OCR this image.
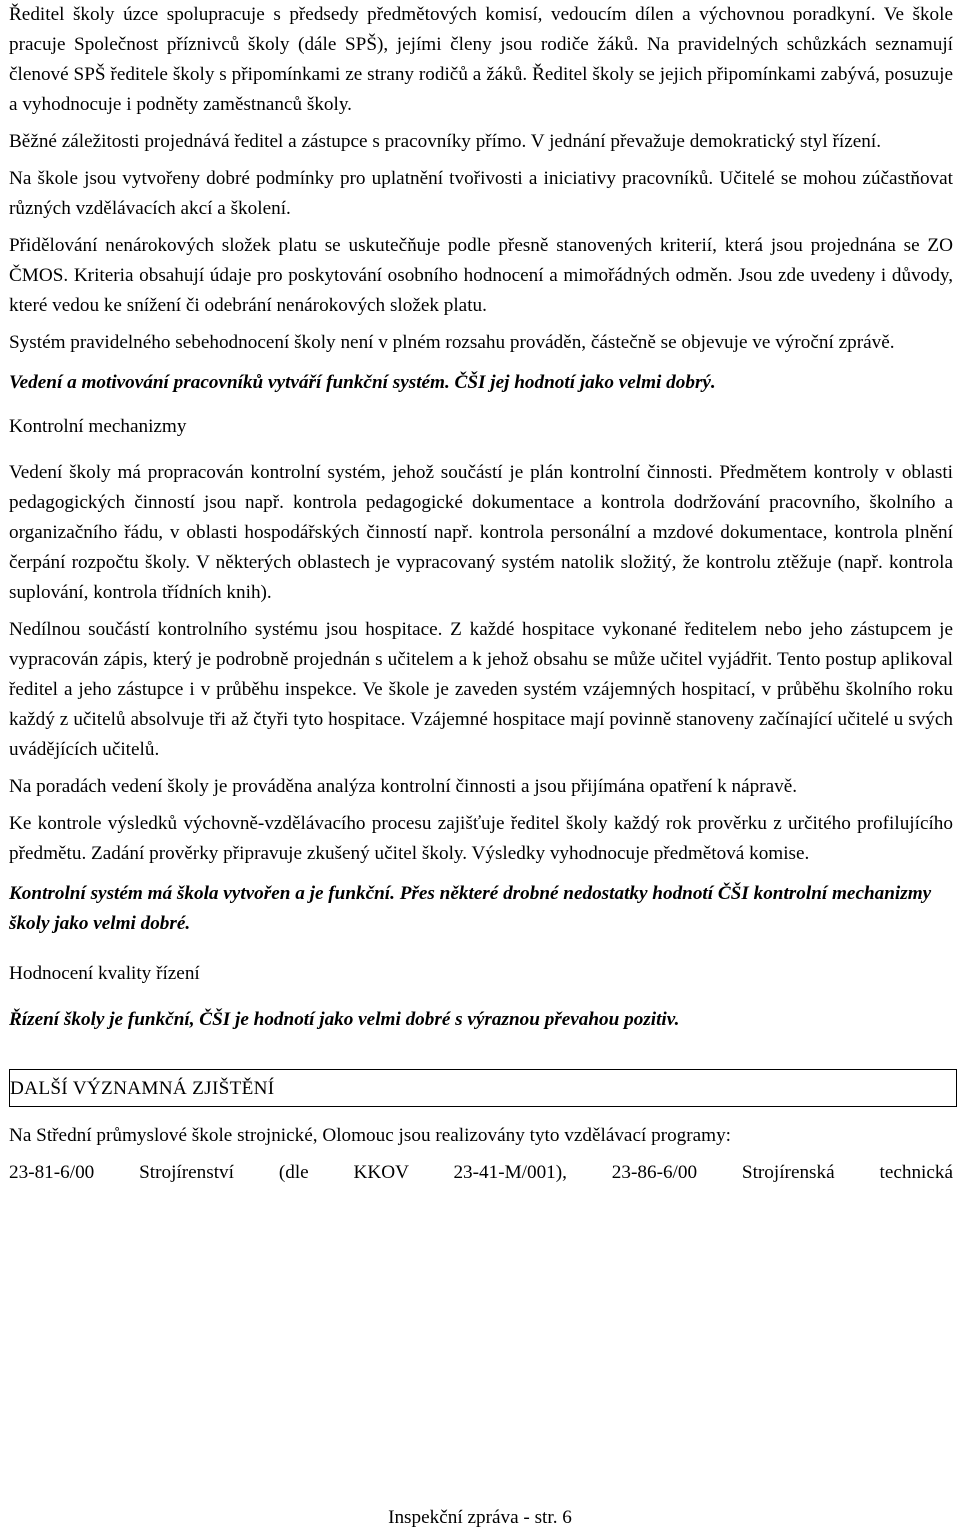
Ředitel školy úzce spolupracuje s předsedy předmětových komisí, vedoucím dílen a výchovnou poradkyní. Ve škole pracuje Společnost příznivců školy (dále SPŠ), jejími členy jsou rodiče žáků. Na pravidelných schůzkách seznamují členové SPŠ ředitele školy s připomínkami ze strany rodičů a žáků. Ředitel školy se jejich připomínkami zabývá, posuzuje a vyhodnocuje i podněty zaměstnanců školy.

Běžné záležitosti projednává ředitel a zástupce s pracovníky přímo. V jednání převažuje demokratický styl řízení.

Na škole jsou vytvořeny dobré podmínky pro uplatnění tvořivosti a iniciativy pracovníků. Učitelé se mohou zúčastňovat různých vzdělávacích akcí a školení.

Přidělování nenárokových složek platu se uskutečňuje podle přesně stanovených kriterií, která jsou projednána se ZO ČMOS. Kriteria obsahují údaje pro poskytování osobního hodnocení a mimořádných odměn. Jsou zde uvedeny i důvody, které vedou ke snížení či odebrání nenárokových složek platu.

Systém pravidelného sebehodnocení školy není v plném rozsahu prováděn, částečně se objevuje ve výroční zprávě.

Vedení a motivování pracovníků vytváří funkční systém. ČŠI jej hodnotí jako velmi dobrý.

Kontrolní mechanizmy

Vedení školy má propracován kontrolní systém, jehož součástí je plán kontrolní činnosti. Předmětem kontroly v oblasti pedagogických činností jsou např. kontrola pedagogické dokumentace a kontrola dodržování pracovního, školního a organizačního řádu, v oblasti hospodářských činností např. kontrola personální a mzdové dokumentace, kontrola plnění čerpání rozpočtu školy. V některých oblastech je vypracovaný systém natolik složitý, že kontrolu ztěžuje (např. kontrola suplování, kontrola třídních knih).

Nedílnou součástí kontrolního systému jsou hospitace. Z každé hospitace vykonané ředitelem nebo jeho zástupcem je vypracován zápis, který je podrobně projednán s učitelem a k jehož obsahu se může učitel vyjádřit. Tento postup aplikoval ředitel a jeho zástupce i v průběhu inspekce. Ve škole je zaveden systém vzájemných hospitací, v průběhu školního roku každý z učitelů absolvuje tři až čtyři tyto hospitace. Vzájemné hospitace mají povinně stanoveny začínající učitelé u svých uváděјících učitelů.

Na poradách vedení školy je prováděna analýza kontrolní činnosti a jsou přijímána opatření k nápravě.

Ke kontrole výsledků výchovně-vzdělávacího procesu zajišťuje ředitel školy každý rok prověrku z určitého profilujícího předmětu. Zadání prověrky připravuje zkušený učitel školy. Výsledky vyhodnocuje předmětová komise.

Kontrolní systém má škola vytvořen a je funkční. Přes některé drobné nedostatky hodnotí ČŠI kontrolní mechanizmy školy jako velmi dobré.

Hodnocení kvality řízení

Řízení školy je funkční, ČŠI je hodnotí jako velmi dobré s výraznou převahou pozitiv.

DALŠÍ VÝZNAMNÁ ZJIŠTĚNÍ

Na Střední průmyslové škole strojnické, Olomouc jsou realizovány tyto vzdělávací programy:

23-81-6/00 Strojírenství (dle KKOV 23-41-M/001), 23-86-6/00 Strojírenská technická

Inspekční zpráva - str. 6
